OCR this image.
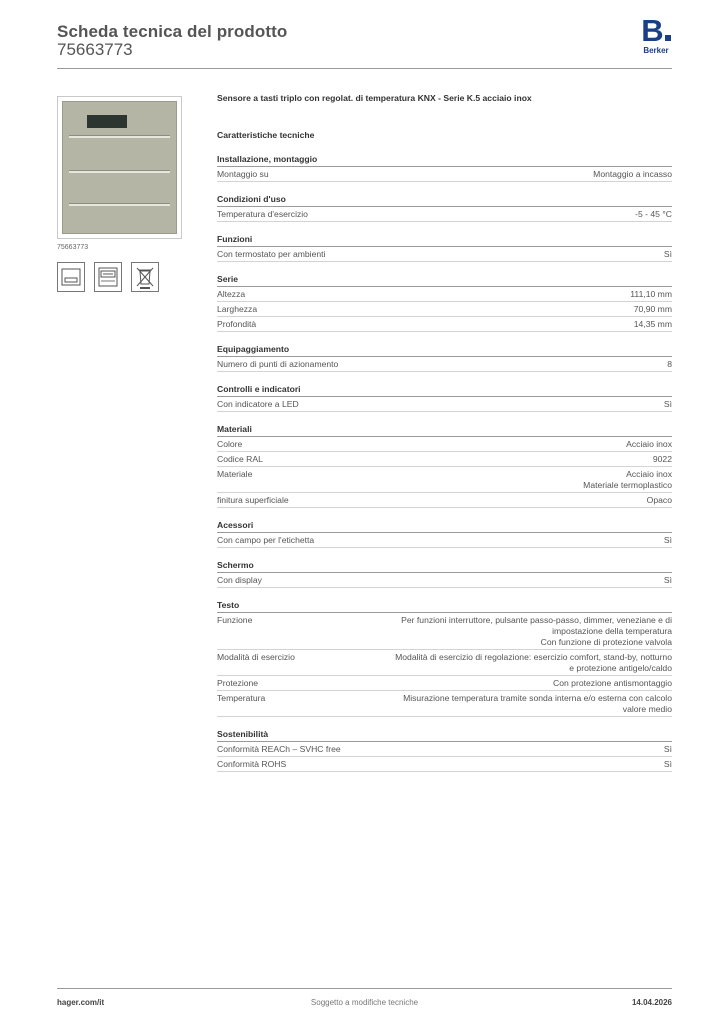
Scheda tecnica del prodotto
75663773
B
Berker
75663773
Sensore a tasti triplo con regolat. di temperatura KNX - Serie K.5 acciaio inox
Caratteristiche tecniche
Installazione, montaggio
Montaggio su	Montaggio a incasso
Condizioni d'uso
Temperatura d'esercizio	-5 - 45 °C
Funzioni
Con termostato per ambienti	Sì
Serie
Altezza	111,10 mm
Larghezza	70,90 mm
Profondità	14,35 mm
Equipaggiamento
Numero di punti di azionamento	8
Controlli e indicatori
Con indicatore a LED	Sì
Materiali
Colore	Acciaio inox
Codice RAL	9022
Materiale	Acciaio inox
Materiale termoplastico
finitura superficiale	Opaco
Acessori
Con campo per l'etichetta	Sì
Schermo
Con display	Sì
Testo
Funzione	Per funzioni interruttore, pulsante passo-passo, dimmer, veneziane e di
impostazione della temperatura
Con funzione di protezione valvola
Modalità di esercizio	Modalità di esercizio di regolazione: esercizio comfort, stand-by, notturno
e protezione antigelo/caldo
Protezione	Con protezione antismontaggio
Temperatura	Misurazione temperatura tramite sonda interna e/o esterna con calcolo
valore medio
Sostenibilità
Conformità REACh – SVHC free	Sì
Conformità ROHS	Sì
Soggetto a modifiche tecniche
hager.com/it	14.04.2026
